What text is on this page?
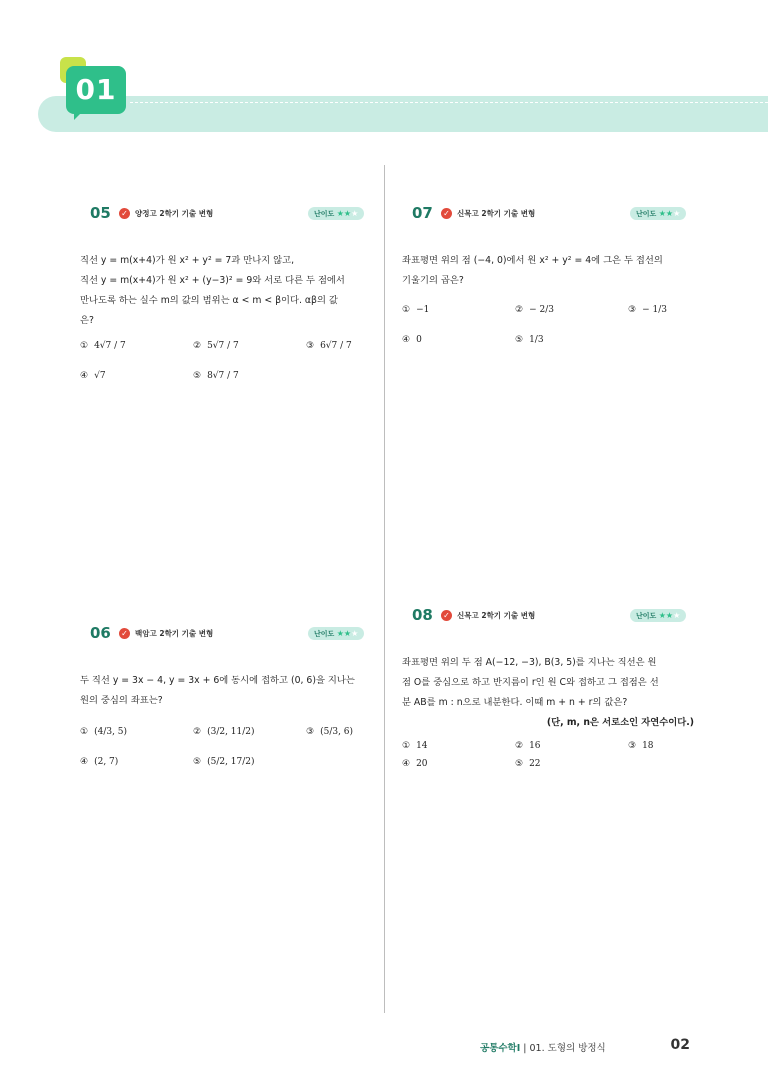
01
05 ✓ 양정고 2학기 기출 변형	난이도 ★★★
직선 y = m(x+4)가 원 x² + y² = 7과 만나지 않고,
직선 y = m(x+4)가 원 x² + (y−3)² = 9와 서로 다른 두 점에서
만나도록 하는 실수 m의 값의 범위는 α < m < β이다. αβ의 값
은?
① 4√7 / 7	② 5√7 / 7	③ 6√7 / 7
④ √7	⑤ 8√7 / 7
07 ✓ 신목고 2학기 기출 변형	난이도 ★★★
좌표평면 위의 점 (−4, 0)에서 원 x² + y² = 4에 그은 두 접선의
기울기의 곱은?
① −1	② − 2/3	③ − 1/3
④ 0	⑤ 1/3
06 ✓ 백암고 2학기 기출 변형	난이도 ★★★
두 직선 y = 3x − 4, y = 3x + 6에 동시에 접하고 (0, 6)을 지나는
원의 중심의 좌표는?
① (4/3, 5)	② (3/2, 11/2)	③ (5/3, 6)
④ (2, 7)	⑤ (5/2, 17/2)
08 ✓ 신목고 2학기 기출 변형	난이도 ★★★
좌표평면 위의 두 점 A(−12, −3), B(3, 5)를 지나는 직선은 원
점 O를 중심으로 하고 반지름이 r인 원 C와 접하고 그 접점은 선
분 AB를 m : n으로 내분한다. 이때 m + n + r의 값은?
(단, m, n은 서로소인 자연수이다.)
① 14	② 16	③ 18
④ 20	⑤ 22
공통수학Ⅰ | 01. 도형의 방정식	02
